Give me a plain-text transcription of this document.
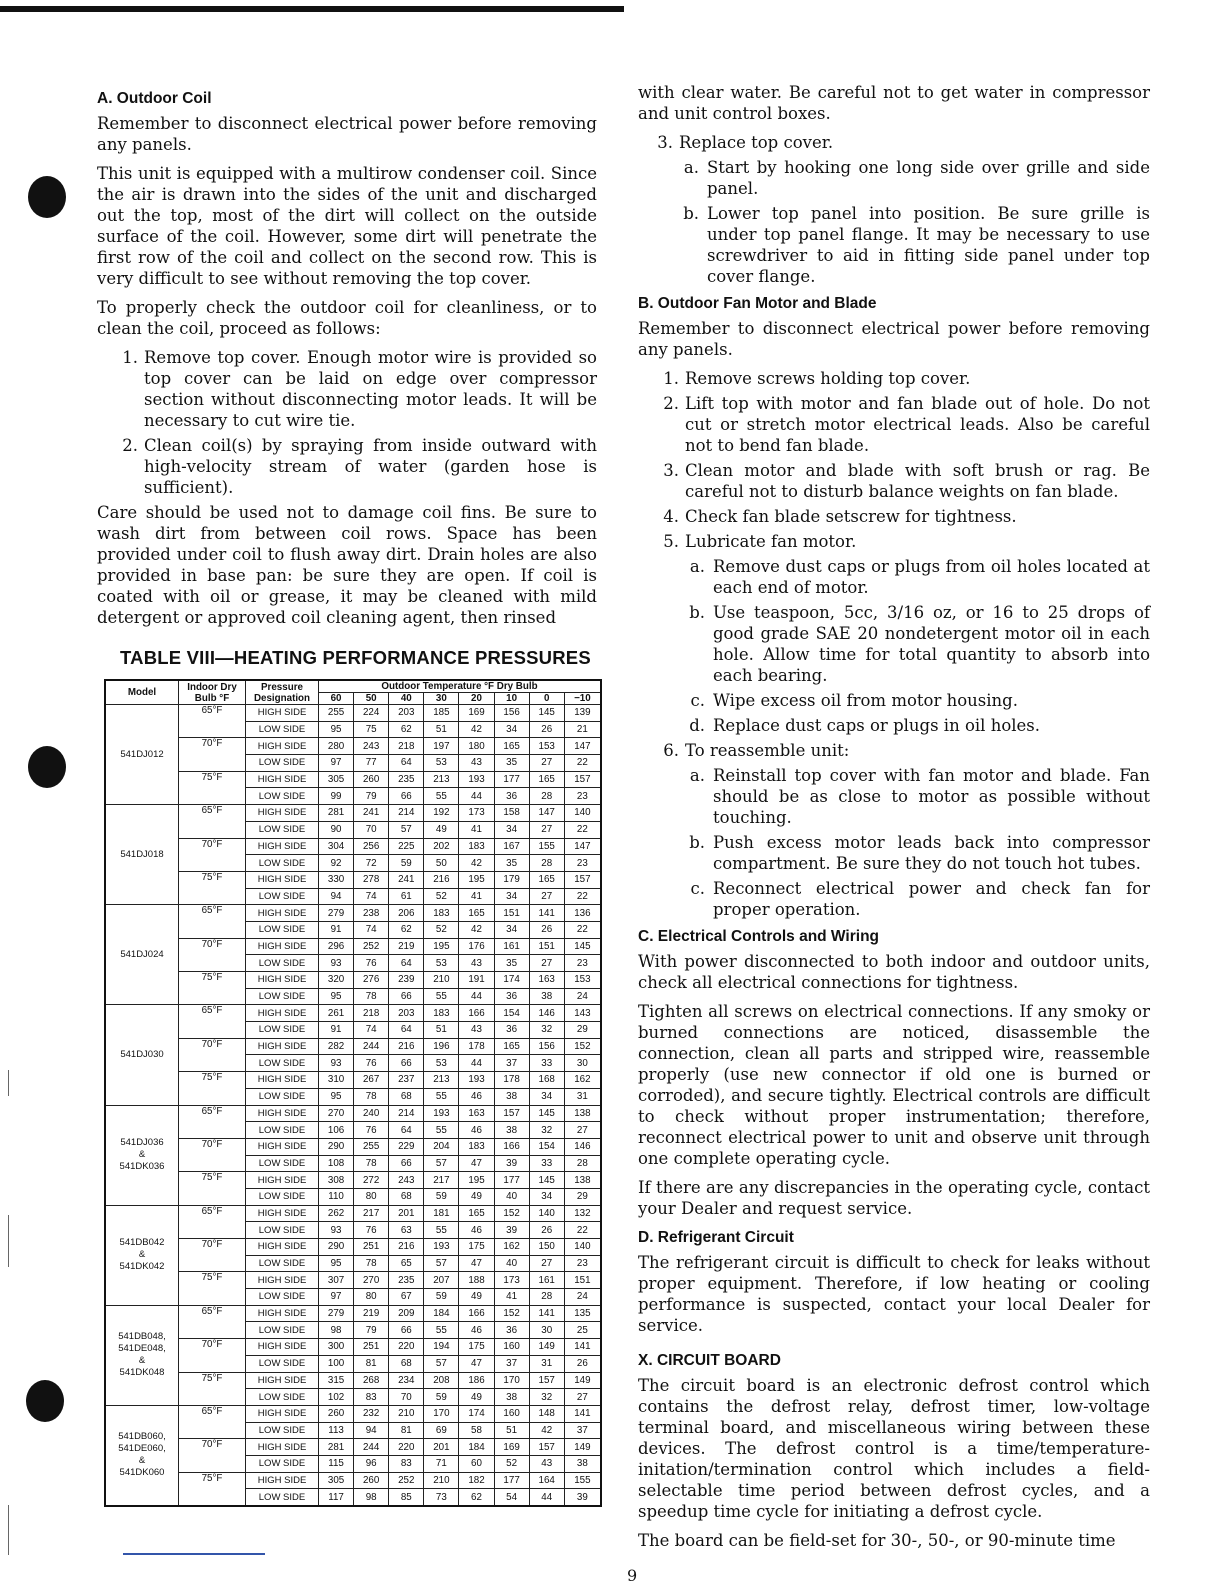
A. Outdoor Coil

Remember to disconnect electrical power before removing any panels.

This unit is equipped with a multirow condenser coil. Since the air is drawn into the sides of the unit and discharged out the top, most of the dirt will collect on the outside surface of the coil. However, some dirt will penetrate the first row of the coil and collect on the second row. This is very difficult to see without removing the top cover.

To properly check the outdoor coil for cleanliness, or to clean the coil, proceed as follows:

1. Remove top cover. Enough motor wire is provided so top cover can be laid on edge over compressor section without disconnecting motor leads. It will be necessary to cut wire tie.
2. Clean coil(s) by spraying from inside outward with high-velocity stream of water (garden hose is sufficient).

Care should be used not to damage coil fins. Be sure to wash dirt from between coil rows. Space has been provided under coil to flush away dirt. Drain holes are also provided in base pan: be sure they are open. If coil is coated with oil or grease, it may be cleaned with mild detergent or approved coil cleaning agent, then rinsed

TABLE VIII—HEATING PERFORMANCE PRESSURES
Model	Indoor Dry Bulb °F	Pressure Designation	Outdoor Temperature °F Dry Bulb							
			60	50	40	30	20	10	0	−10

541DJ012	65°F	HIGH SIDE	255	224	203	185	169	156	145	139
		LOW SIDE	95	75	62	51	42	34	26	21
	70°F	HIGH SIDE	280	243	218	197	180	165	153	147
		LOW SIDE	97	77	64	53	43	35	27	22
	75°F	HIGH SIDE	305	260	235	213	193	177	165	157
		LOW SIDE	99	79	66	55	44	36	28	23

541DJ018	65°F	HIGH SIDE	281	241	214	192	173	158	147	140
		LOW SIDE	90	70	57	49	41	34	27	22
	70°F	HIGH SIDE	304	256	225	202	183	167	155	147
		LOW SIDE	92	72	59	50	42	35	28	23
	75°F	HIGH SIDE	330	278	241	216	195	179	165	157
		LOW SIDE	94	74	61	52	41	34	27	22

541DJ024	65°F	HIGH SIDE	279	238	206	183	165	151	141	136
		LOW SIDE	91	74	62	52	42	34	26	22
	70°F	HIGH SIDE	296	252	219	195	176	161	151	145
		LOW SIDE	93	76	64	53	43	35	27	23
	75°F	HIGH SIDE	320	276	239	210	191	174	163	153
		LOW SIDE	95	78	66	55	44	36	38	24

541DJ030	65°F	HIGH SIDE	261	218	203	183	166	154	146	143
		LOW SIDE	91	74	64	51	43	36	32	29
	70°F	HIGH SIDE	282	244	216	196	178	165	156	152
		LOW SIDE	93	76	66	53	44	37	33	30
	75°F	HIGH SIDE	310	267	237	213	193	178	168	162
		LOW SIDE	95	78	68	55	46	38	34	31

541DJ036
&
541DK036	65°F	HIGH SIDE	270	240	214	193	163	157	145	138
		LOW SIDE	106	76	64	55	46	38	32	27
	70°F	HIGH SIDE	290	255	229	204	183	166	154	146
		LOW SIDE	108	78	66	57	47	39	33	28
	75°F	HIGH SIDE	308	272	243	217	195	177	145	138
		LOW SIDE	110	80	68	59	49	40	34	29

541DB042
&
541DK042	65°F	HIGH SIDE	262	217	201	181	165	152	140	132
		LOW SIDE	93	76	63	55	46	39	26	22
	70°F	HIGH SIDE	290	251	216	193	175	162	150	140
		LOW SIDE	95	78	65	57	47	40	27	23
	75°F	HIGH SIDE	307	270	235	207	188	173	161	151
		LOW SIDE	97	80	67	59	49	41	28	24

541DB048,
541DE048,
&
541DK048	65°F	HIGH SIDE	279	219	209	184	166	152	141	135
		LOW SIDE	98	79	66	55	46	36	30	25
	70°F	HIGH SIDE	300	251	220	194	175	160	149	141
		LOW SIDE	100	81	68	57	47	37	31	26
	75°F	HIGH SIDE	315	268	234	208	186	170	157	149
		LOW SIDE	102	83	70	59	49	38	32	27

541DB060,
541DE060,
&
541DK060	65°F	HIGH SIDE	260	232	210	170	174	160	148	141
		LOW SIDE	113	94	81	69	58	51	42	37
	70°F	HIGH SIDE	281	244	220	201	184	169	157	149
		LOW SIDE	115	96	83	71	60	52	43	38
	75°F	HIGH SIDE	305	260	252	210	182	177	164	155
		LOW SIDE	117	98	85	73	62	54	44	39

with clear water. Be careful not to get water in compressor and unit control boxes.

3. Replace top cover.
a. Start by hooking one long side over grille and side panel.
b. Lower top panel into position. Be sure grille is under top panel flange. It may be necessary to use screwdriver to aid in fitting side panel under top cover flange.
B. Outdoor Fan Motor and Blade

Remember to disconnect electrical power before removing any panels.

1. Remove screws holding top cover.
2. Lift top with motor and fan blade out of hole. Do not cut or stretch motor electrical leads. Also be careful not to bend fan blade.
3. Clean motor and blade with soft brush or rag. Be careful not to disturb balance weights on fan blade.
4. Check fan blade setscrew for tightness.
5. Lubricate fan motor.
a. Remove dust caps or plugs from oil holes located at each end of motor.
b. Use teaspoon, 5cc, 3/16 oz, or 16 to 25 drops of good grade SAE 20 nondetergent motor oil in each hole. Allow time for total quantity to absorb into each bearing.
c. Wipe excess oil from motor housing.
d. Replace dust caps or plugs in oil holes.
6. To reassemble unit:
a. Reinstall top cover with fan motor and blade. Fan should be as close to motor as possible without touching.
b. Push excess motor leads back into compressor compartment. Be sure they do not touch hot tubes.
c. Reconnect electrical power and check fan for proper operation.
C. Electrical Controls and Wiring

With power disconnected to both indoor and outdoor units, check all electrical connections for tightness.

Tighten all screws on electrical connections. If any smoky or burned connections are noticed, disassemble the connection, clean all parts and stripped wire, reassemble properly (use new connector if old one is burned or corroded), and secure tightly. Electrical controls are difficult to check without proper instrumentation; therefore, reconnect electrical power to unit and observe unit through one complete operating cycle.

If there are any discrepancies in the operating cycle, contact your Dealer and request service.

D. Refrigerant Circuit

The refrigerant circuit is difficult to check for leaks without proper equipment. Therefore, if low heating or cooling performance is suspected, contact your local Dealer for service.

X. CIRCUIT BOARD

The circuit board is an electronic defrost control which contains the defrost relay, defrost timer, low-voltage terminal board, and miscellaneous wiring between these devices. The defrost control is a time/temperature-initation/termination control which includes a field-selectable time period between defrost cycles, and a speedup time cycle for initiating a defrost cycle.

The board can be field-set for 30-, 50-, or 90-minute time

9
